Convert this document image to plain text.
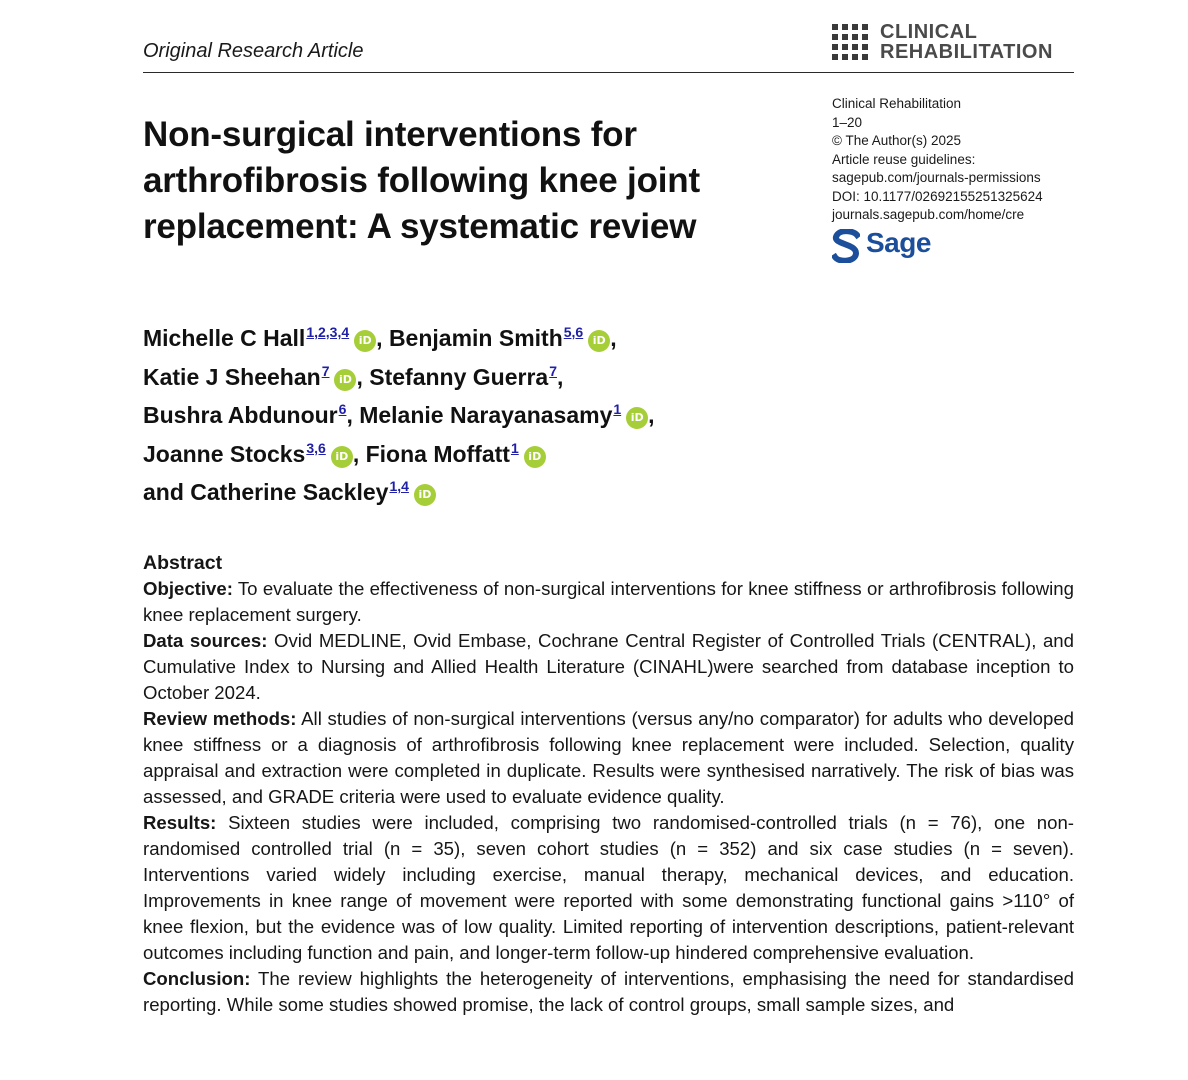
Original Research Article
CLINICAL
REHABILITATION
Clinical Rehabilitation
1–20
© The Author(s) 2025
Article reuse guidelines:
sagepub.com/journals-permissions
DOI: 10.1177/02692155251325624
journals.sagepub.com/home/cre
Sage
Non-surgical interventions for arthrofibrosis following knee joint replacement: A systematic review
Michelle C Hall$^{1,2,3,4}$iD , Benjamin Smith$^{5,6}$iD ,
Katie J Sheehan$^7$iD , Stefanny Guerra$^7$,
Bushra Abdunour$^6$, Melanie Narayanasamy$^1$iD ,
Joanne Stocks$^{3,6}$iD , Fiona Moffatt$^1$iD
and Catherine Sackley$^{1,4}$iD
Abstract
Objective: To evaluate the effectiveness of non-surgical interventions for knee stiffness or arthrofibrosis following knee replacement surgery.
Data sources: Ovid MEDLINE, Ovid Embase, Cochrane Central Register of Controlled Trials (CENTRAL), and Cumulative Index to Nursing and Allied Health Literature (CINAHL)were searched from database inception to October 2024.
Review methods: All studies of non-surgical interventions (versus any/no comparator) for adults who developed knee stiffness or a diagnosis of arthrofibrosis following knee replacement were included. Selection, quality appraisal and extraction were completed in duplicate. Results were synthesised narratively. The risk of bias was assessed, and GRADE criteria were used to evaluate evidence quality.
Results: Sixteen studies were included, comprising two randomised-controlled trials (n = 76), one non-randomised controlled trial (n = 35), seven cohort studies (n = 352) and six case studies (n = seven). Interventions varied widely including exercise, manual therapy, mechanical devices, and education. Improvements in knee range of movement were reported with some demonstrating functional gains >110° of knee flexion, but the evidence was of low quality. Limited reporting of intervention descriptions, patient-relevant outcomes including function and pain, and longer-term follow-up hindered comprehensive evaluation.
Conclusion: The review highlights the heterogeneity of interventions, emphasising the need for standardised reporting. While some studies showed promise, the lack of control groups, small sample sizes, and
